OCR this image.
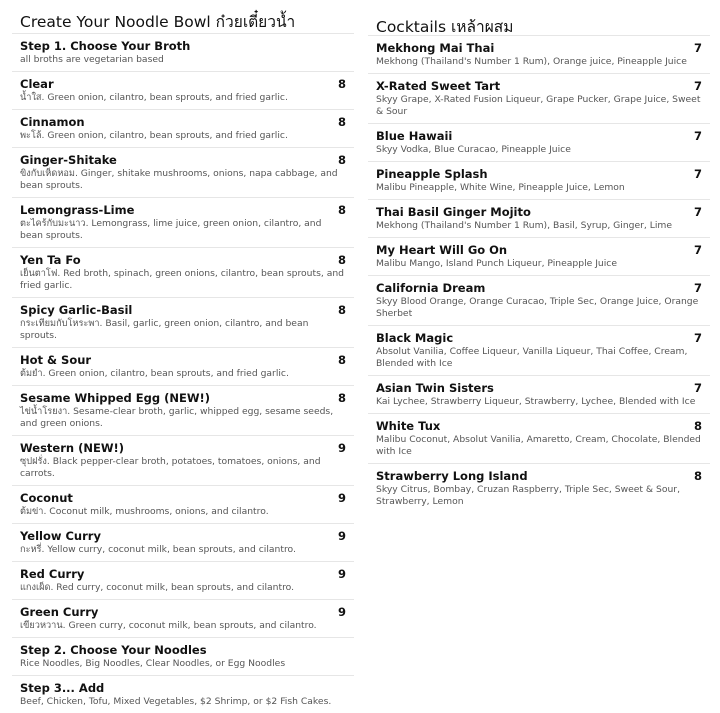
Create Your Noodle Bowl ก๋วยเตี๋ยวน้ำ
Step 1. Choose Your Broth
all broths are vegetarian based
Clear	8
น้ำใส. Green onion, cilantro, bean sprouts, and fried garlic.
Cinnamon	8
พะโล้. Green onion, cilantro, bean sprouts, and fried garlic.
Ginger-Shitake	8
ขิงกับเห็ดหอม. Ginger, shitake mushrooms, onions, napa cabbage, and bean sprouts.
Lemongrass-Lime	8
ตะไคร้กับมะนาว. Lemongrass, lime juice, green onion, cilantro, and bean sprouts.
Yen Ta Fo	8
เย็นตาโฟ. Red broth, spinach, green onions, cilantro, bean sprouts, and fried garlic.
Spicy Garlic-Basil	8
กระเทียมกับโหระพา. Basil, garlic, green onion, cilantro, and bean sprouts.
Hot & Sour	8
ต้มยำ. Green onion, cilantro, bean sprouts, and fried garlic.
Sesame Whipped Egg (NEW!)	8
ไข่น้ำโรยงา. Sesame-clear broth, garlic, whipped egg, sesame seeds, and green onions.
Western (NEW!)	9
ซุปฝรั่ง. Black pepper-clear broth, potatoes, tomatoes, onions, and carrots.
Coconut	9
ต้มข่า. Coconut milk, mushrooms, onions, and cilantro.
Yellow Curry	9
กะหรี่. Yellow curry, coconut milk, bean sprouts, and cilantro.
Red Curry	9
แกงเผ็ด. Red curry, coconut milk, bean sprouts, and cilantro.
Green Curry	9
เขียวหวาน. Green curry, coconut milk, bean sprouts, and cilantro.
Step 2. Choose Your Noodles
Rice Noodles, Big Noodles, Clear Noodles, or Egg Noodles
Step 3... Add
Beef, Chicken, Tofu, Mixed Vegetables, $2 Shrimp, or $2 Fish Cakes.
Cocktails เหล้าผสม
Mekhong Mai Thai	7
Mekhong (Thailand's Number 1 Rum), Orange juice, Pineapple Juice
X-Rated Sweet Tart	7
Skyy Grape, X-Rated Fusion Liqueur, Grape Pucker, Grape Juice, Sweet & Sour
Blue Hawaii	7
Skyy Vodka, Blue Curacao, Pineapple Juice
Pineapple Splash	7
Malibu Pineapple, White Wine, Pineapple Juice, Lemon
Thai Basil Ginger Mojito	7
Mekhong (Thailand's Number 1 Rum), Basil, Syrup, Ginger, Lime
My Heart Will Go On	7
Malibu Mango, Island Punch Liqueur, Pineapple Juice
California Dream	7
Skyy Blood Orange, Orange Curacao, Triple Sec, Orange Juice, Orange Sherbet
Black Magic	7
Absolut Vanilia, Coffee Liqueur, Vanilla Liqueur, Thai Coffee, Cream, Blended with Ice
Asian Twin Sisters	7
Kai Lychee, Strawberry Liqueur, Strawberry, Lychee, Blended with Ice
White Tux	8
Malibu Coconut, Absolut Vanilia, Amaretto, Cream, Chocolate, Blended with Ice
Strawberry Long Island	8
Skyy Citrus, Bombay, Cruzan Raspberry, Triple Sec, Sweet & Sour, Strawberry, Lemon
